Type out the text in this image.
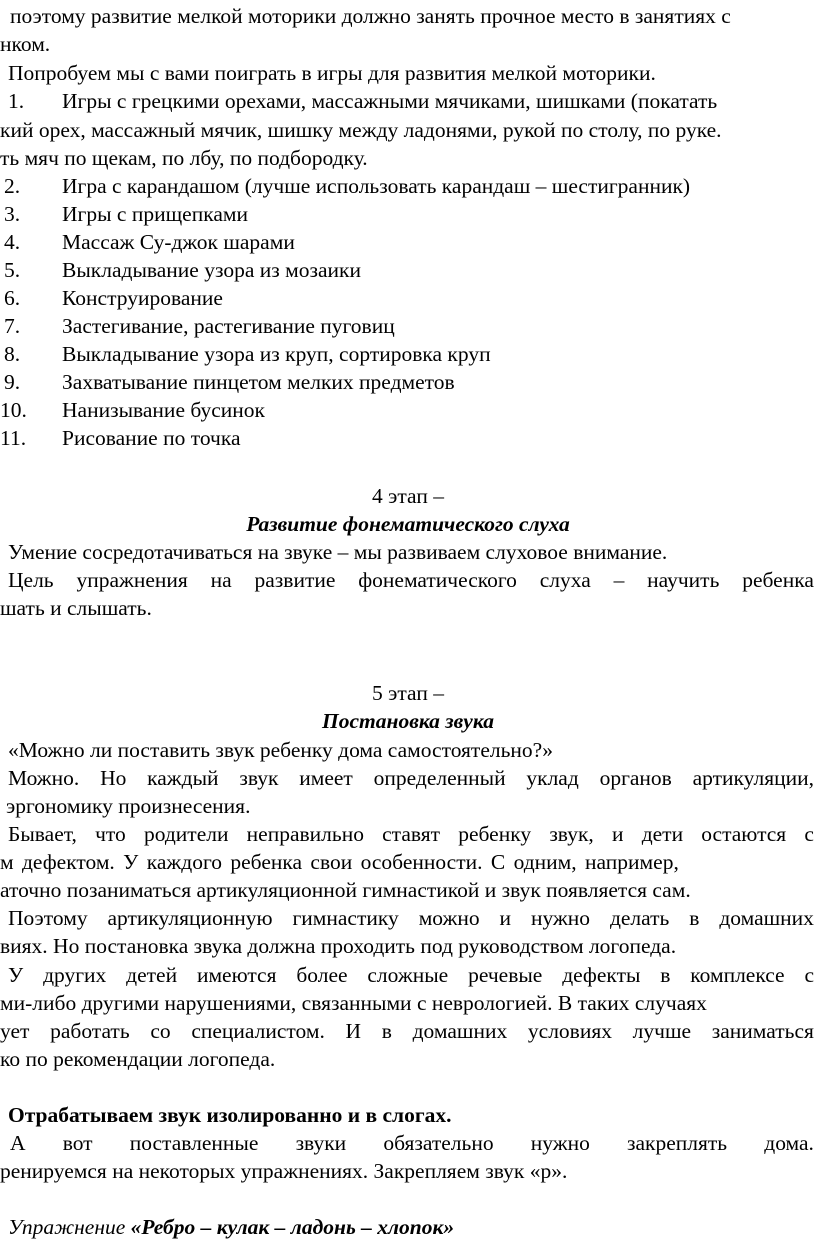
поэтому развитие мелкой моторики должно занять прочное место в занятиях с
нком.
Попробуем мы с вами поиграть в игры для развития мелкой моторики.
1. Игры с грецкими орехами, массажными мячиками, шишками (покатать
кий орех, массажный мячик, шишку между ладонями, рукой по столу, по руке.
ть мяч по щекам, по лбу, по подбородку.
2. Игра с карандашом (лучше использовать карандаш – шестигранник)
3. Игры с прищепками
4. Массаж Су-джок шарами
5. Выкладывание узора из мозаики
6. Конструирование
7. Застегивание, растегивание пуговиц
8. Выкладывание узора из круп, сортировка круп
9. Захватывание пинцетом мелких предметов
10. Нанизывание бусинок
11. Рисование по точка
4 этап –
Развитие фонематического слуха
Умение сосредотачиваться на звуке – мы развиваем слуховое внимание.
Цель упражнения на развитие фонематического слуха – научить ребенка
шать и слышать.
5 этап –
Постановка звука
«Можно ли поставить звук ребенку дома самостоятельно?»
Можно. Но каждый звук имеет определенный уклад органов артикуляции,
эргономику произнесения.
Бывает, что родители неправильно ставят ребенку звук, и дети остаются с
м дефектом. У каждого ребенка свои особенности. С одним, например,
аточно позаниматься артикуляционной гимнастикой и звук появляется сам.
Поэтому артикуляционную гимнастику можно и нужно делать в домашних
виях. Но постановка звука должна проходить под руководством логопеда.
У других детей имеются более сложные речевые дефекты в комплексе с
ми-либо другими нарушениями, связанными с неврологией. В таких случаях
ует работать со специалистом. И в домашних условиях лучше заниматься
ко по рекомендации логопеда.
Отрабатываем звук изолированно и в слогах.
А вот поставленные звуки обязательно нужно закреплять дома.
ренируемся на некоторых упражнениях. Закрепляем звук «р».
Упражнение «Ребро – кулак – ладонь – хлопок»
